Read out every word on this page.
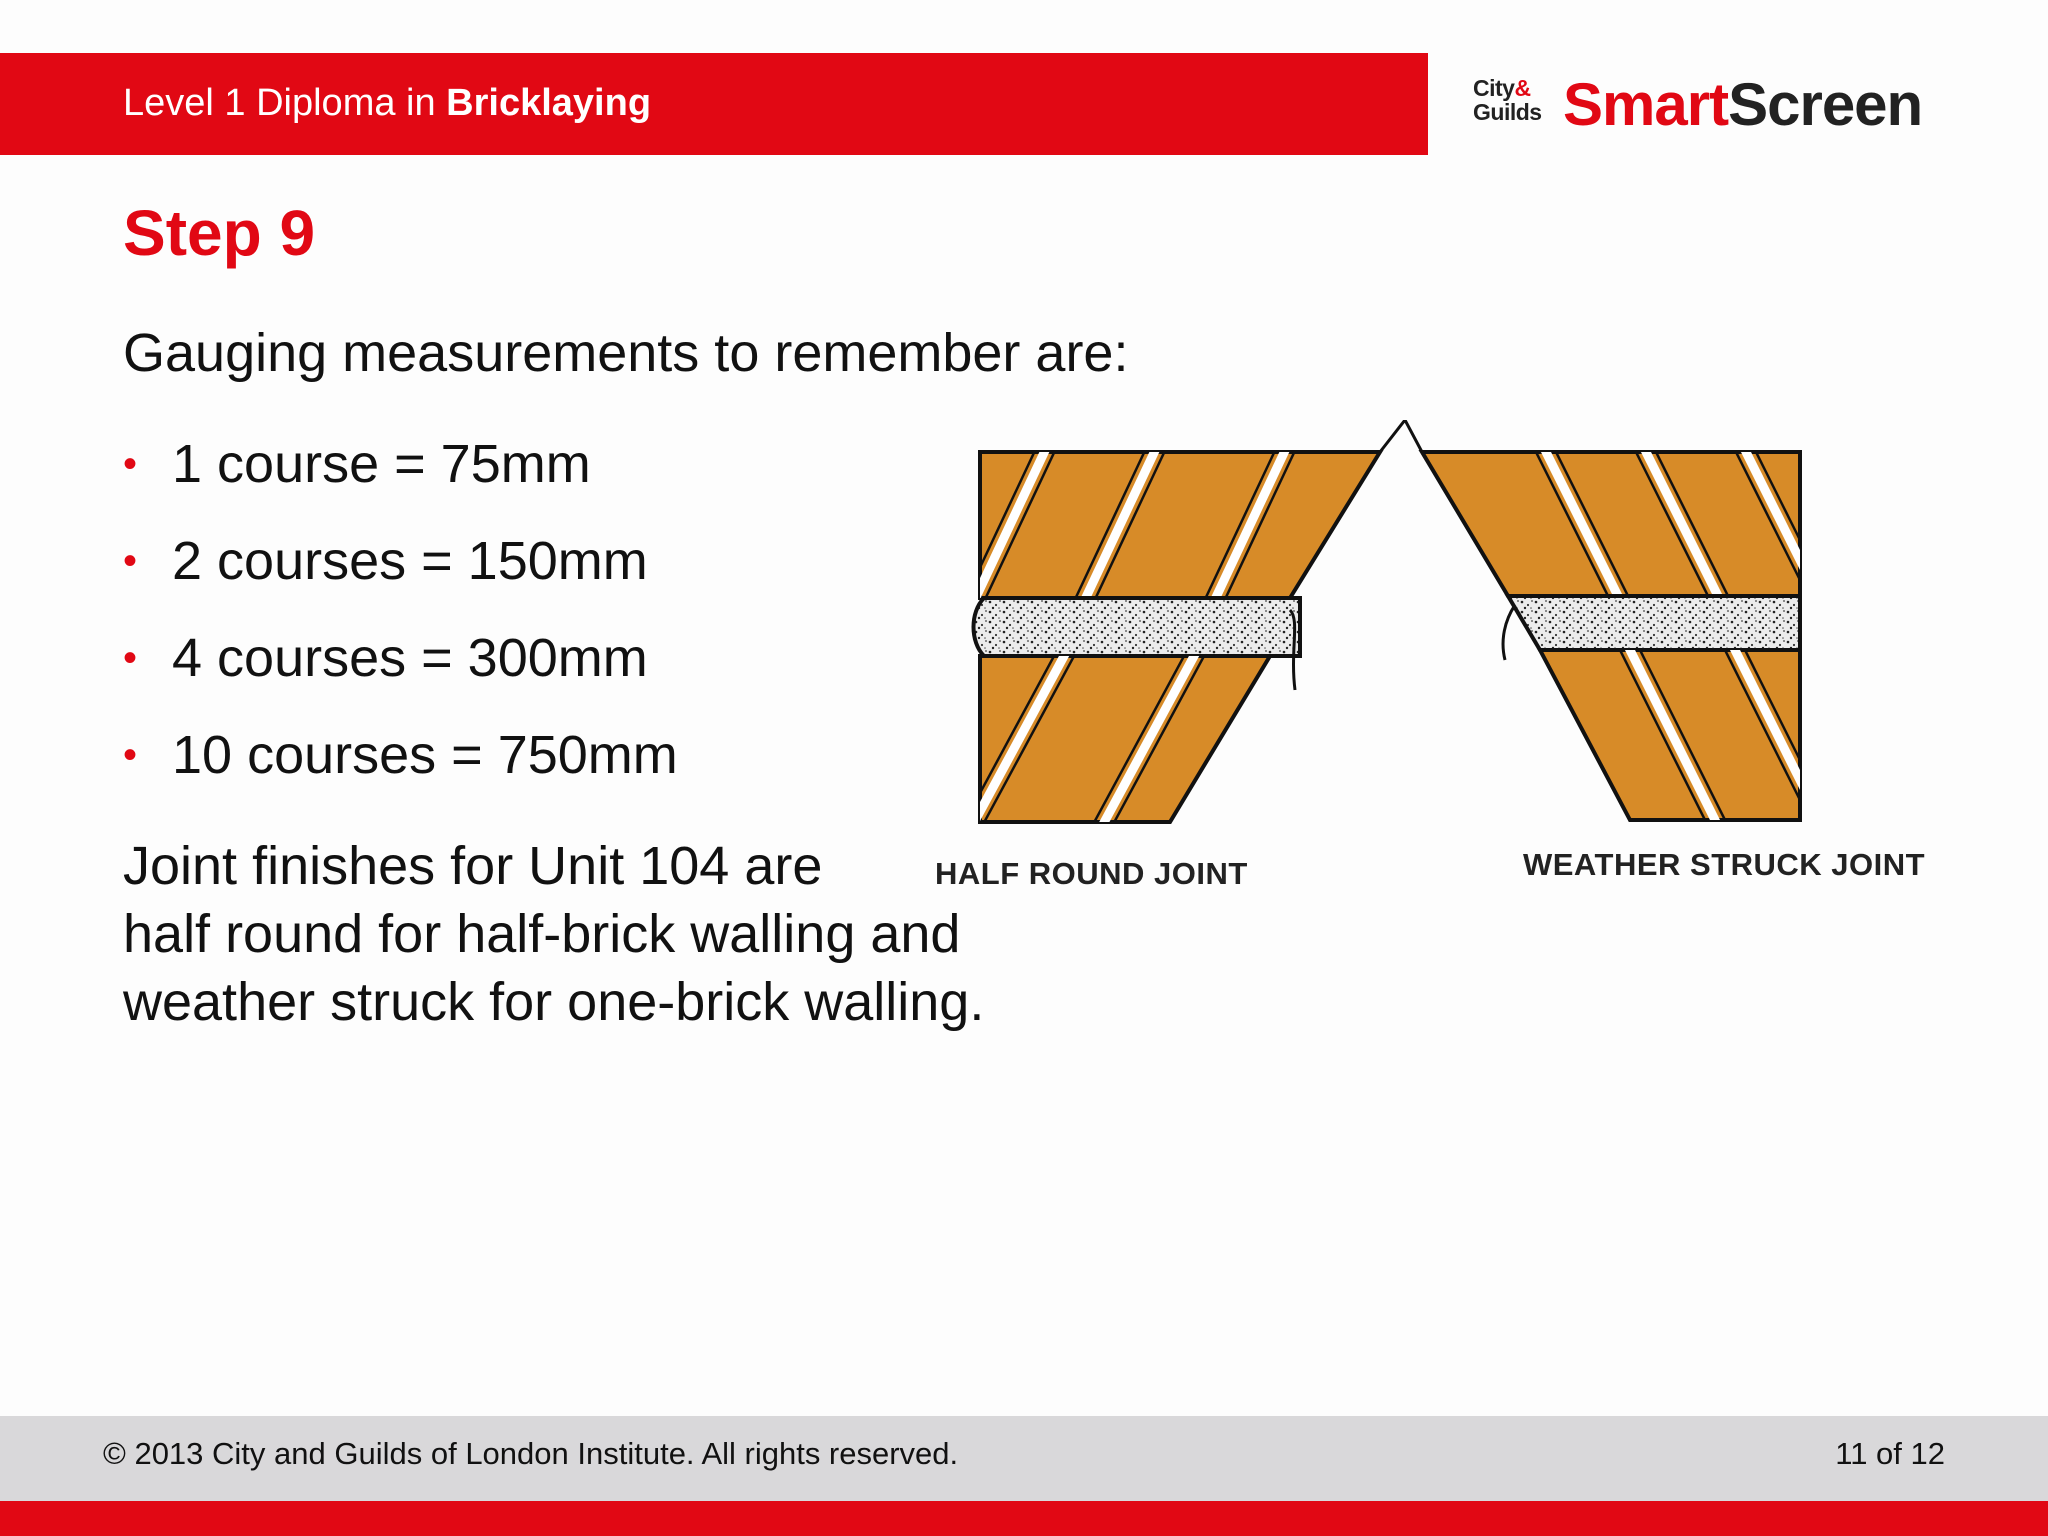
Level 1 Diploma in Bricklaying	City&
Guilds SmartScreen
Step 9
Gauging measurements to remember are:
• 1 course = 75mm
• 2 courses = 150mm
• 4 courses = 300mm
• 10 courses = 750mm
Joint finishes for Unit 104 are
half round for half-brick walling and
weather struck for one-brick walling.
HALF ROUND JOINT	WEATHER STRUCK JOINT
© 2013 City and Guilds of London Institute. All rights reserved.	11 of 12
